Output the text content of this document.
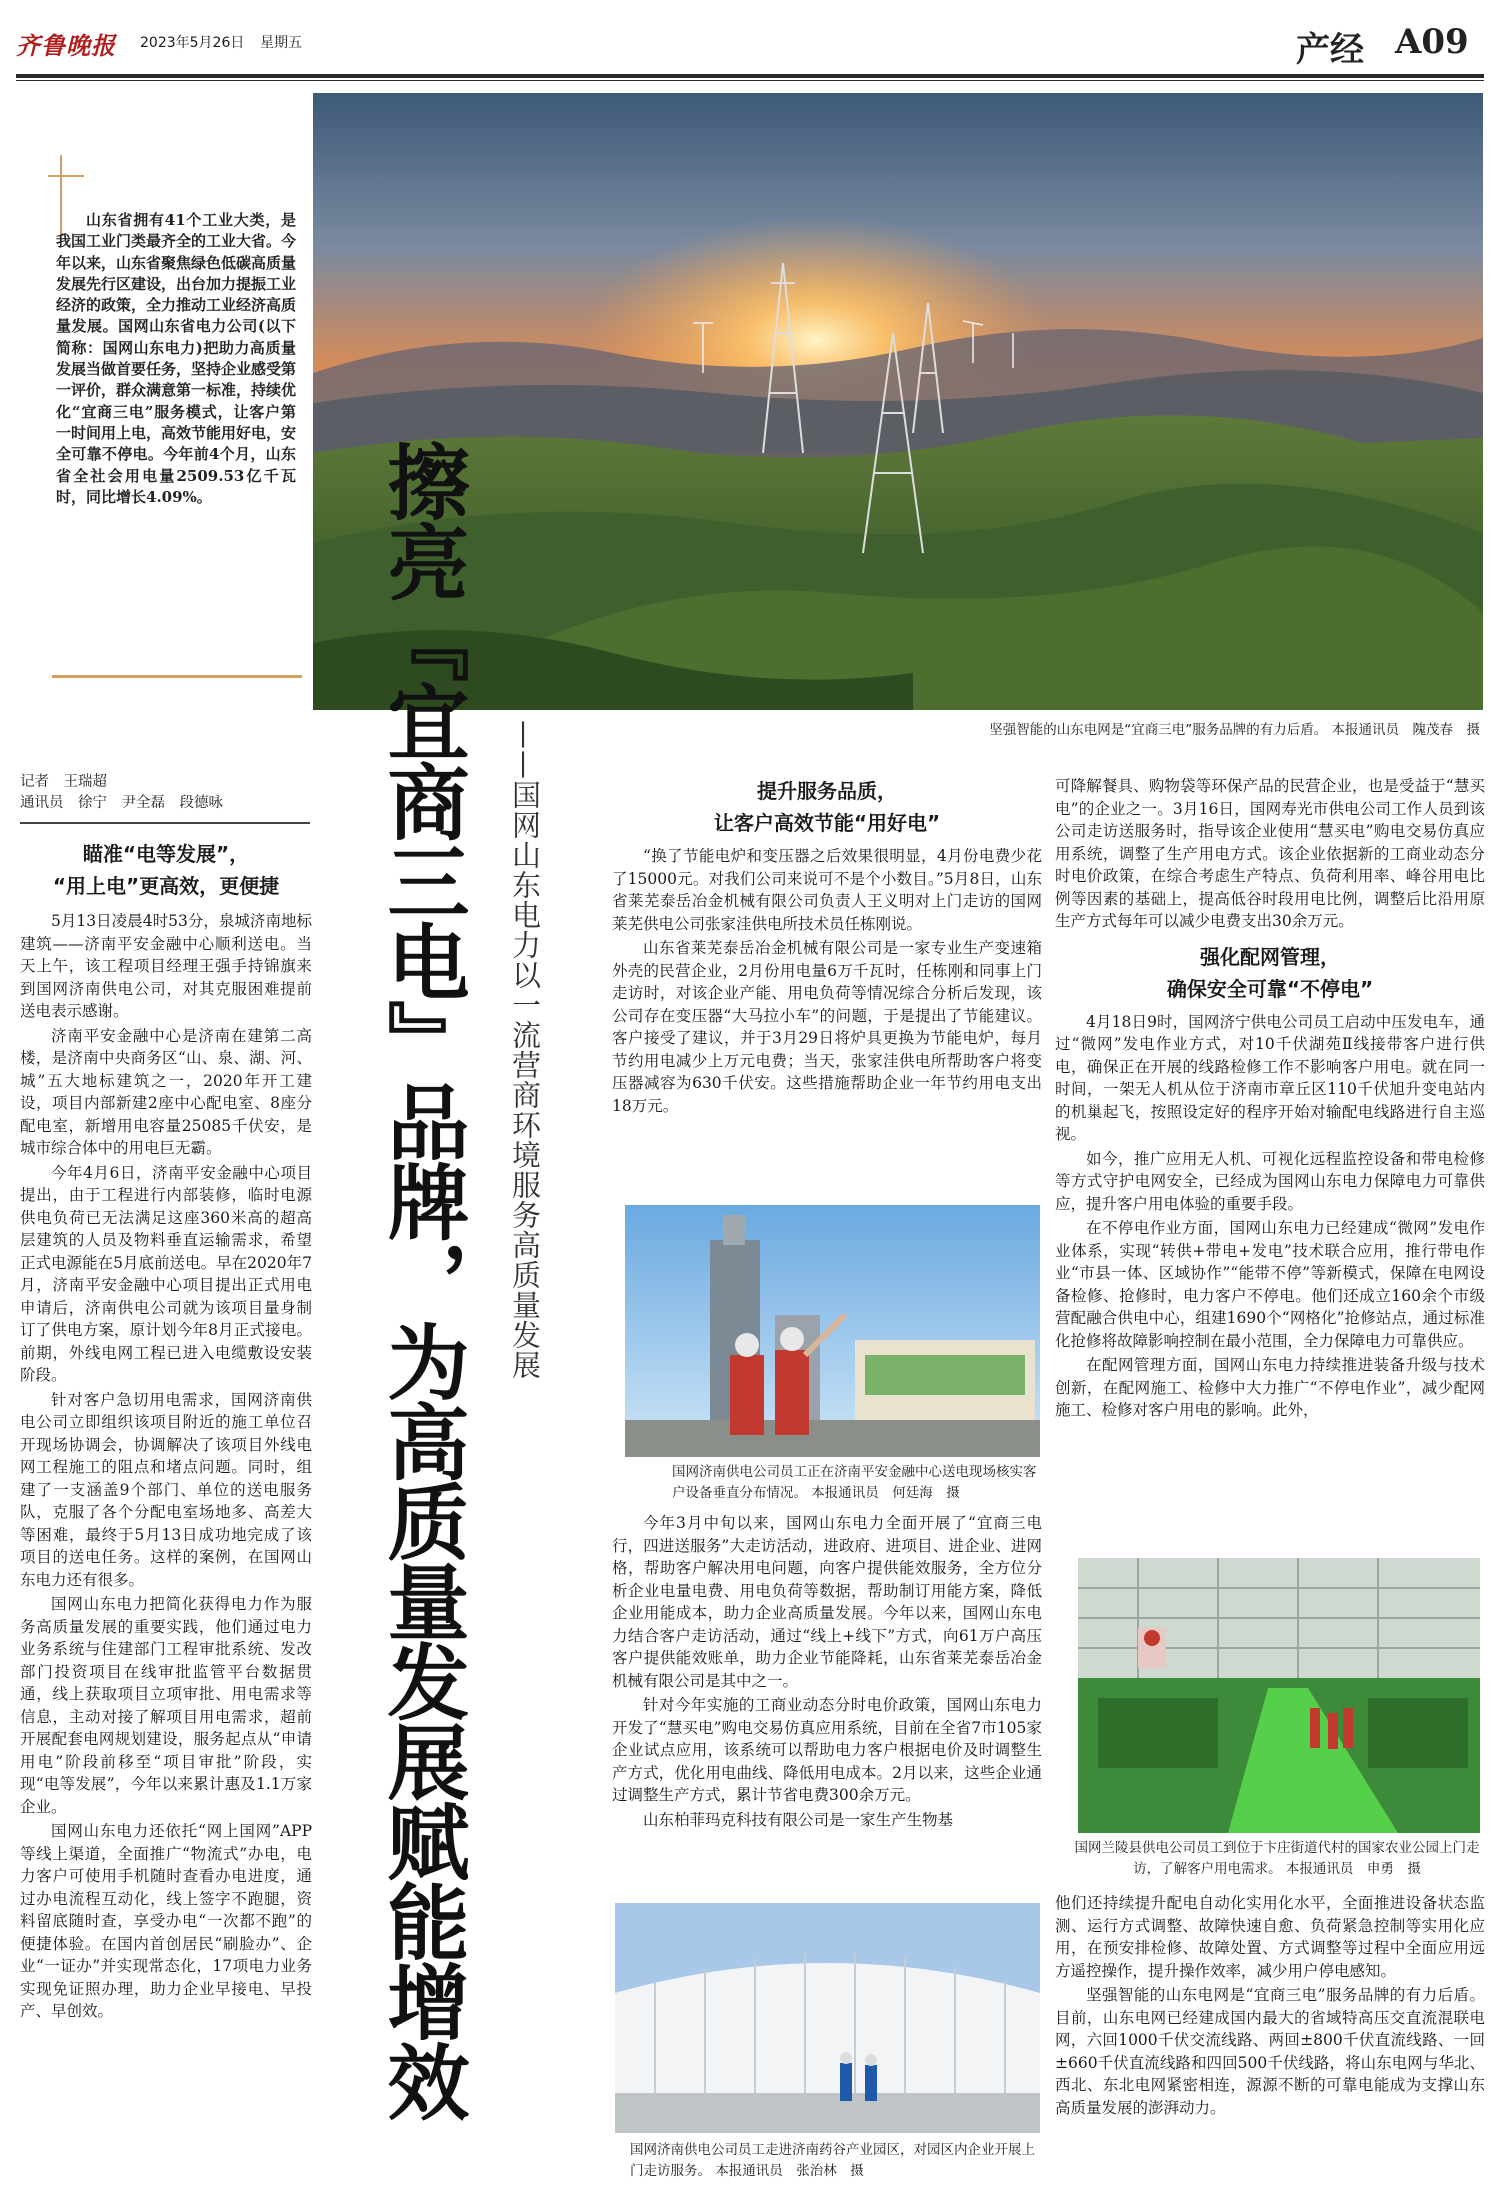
齐鲁晚报 2023年5月26日 星期五	产经 A09
山东省拥有41个工业大类，是我国工业门类最齐全的工业大省。今年以来，山东省聚焦绿色低碳高质量发展先行区建设，出台加力提振工业经济的政策，全力推动工业经济高质量发展。国网山东省电力公司(以下简称：国网山东电力)把助力高质量发展当做首要任务，坚持企业感受第一评价，群众满意第一标准，持续优化“宜商三电”服务模式，让客户第一时间用上电，高效节能用好电，安全可靠不停电。今年前4个月，山东省全社会用电量2509.53亿千瓦时，同比增长4.09%。
坚强智能的山东电网是“宜商三电”服务品牌的有力后盾。 本报通讯员　隗茂春　摄
记者　王瑞超
通讯员　徐宁　尹全磊　段德咏
瞄准“电等发展”，
“用上电”更高效，更便捷

5月13日凌晨4时53分，泉城济南地标建筑——济南平安金融中心顺利送电。当天上午，该工程项目经理王强手持锦旗来到国网济南供电公司，对其克服困难提前送电表示感谢。

济南平安金融中心是济南在建第二高楼，是济南中央商务区“山、泉、湖、河、城”五大地标建筑之一，2020年开工建设，项目内部新建2座中心配电室、8座分配电室，新增用电容量25085千伏安，是城市综合体中的用电巨无霸。

今年4月6日，济南平安金融中心项目提出，由于工程进行内部装修，临时电源供电负荷已无法满足这座360米高的超高层建筑的人员及物料垂直运输需求，希望正式电源能在5月底前送电。早在2020年7月，济南平安金融中心项目提出正式用电申请后，济南供电公司就为该项目量身制订了供电方案，原计划今年8月正式接电。前期，外线电网工程已进入电缆敷设安装阶段。

针对客户急切用电需求，国网济南供电公司立即组织该项目附近的施工单位召开现场协调会，协调解决了该项目外线电网工程施工的阻点和堵点问题。同时，组建了一支涵盖9个部门、单位的送电服务队，克服了各个分配电室场地多、高差大等困难，最终于5月13日成功地完成了该项目的送电任务。这样的案例，在国网山东电力还有很多。

国网山东电力把简化获得电力作为服务高质量发展的重要实践，他们通过电力业务系统与住建部门工程审批系统、发改部门投资项目在线审批监管平台数据贯通，线上获取项目立项审批、用电需求等信息，主动对接了解项目用电需求，超前开展配套电网规划建设，服务起点从“申请用电”阶段前移至“项目审批”阶段，实现“电等发展”，今年以来累计惠及1.1万家企业。

国网山东电力还依托“网上国网”APP等线上渠道，全面推广“物流式”办电，电力客户可使用手机随时查看办电进度，通过办电流程互动化，线上签字不跑腿，资料留底随时查，享受办电“一次都不跑”的便捷体验。在国内首创居民“刷脸办”、企业“一证办”并实现常态化，17项电力业务实现免证照办理，助力企业早接电、早投产、早创效。	擦亮『宜商三电』品牌，为高质量发展赋能增效 ——国网山东电力以一流营商环境服务高质量发展	提升服务品质，
让客户高效节能“用好电”

“换了节能电炉和变压器之后效果很明显，4月份电费少花了15000元。对我们公司来说可不是个小数目。”5月8日，山东省莱芜泰岳冶金机械有限公司负责人王义明对上门走访的国网莱芜供电公司张家洼供电所技术员任栋刚说。

山东省莱芜泰岳冶金机械有限公司是一家专业生产变速箱外壳的民营企业，2月份用电量6万千瓦时，任栋刚和同事上门走访时，对该企业产能、用电负荷等情况综合分析后发现，该公司存在变压器“大马拉小车”的问题，于是提出了节能建议。客户接受了建议，并于3月29日将炉具更换为节能电炉，每月节约用电减少上万元电费；当天，张家洼供电所帮助客户将变压器减容为630千伏安。这些措施帮助企业一年节约用电支出18万元。

国网济南供电公司员工正在济南平安金融中心送电现场核实客户设备垂直分布情况。 本报通讯员　何廷海　摄

今年3月中旬以来，国网山东电力全面开展了“宜商三电行，四进送服务”大走访活动，进政府、进项目、进企业、进网格，帮助客户解决用电问题，向客户提供能效服务，全方位分析企业电量电费、用电负荷等数据，帮助制订用能方案，降低企业用能成本，助力企业高质量发展。今年以来，国网山东电力结合客户走访活动，通过“线上+线下”方式，向61万户高压客户提供能效账单，助力企业节能降耗，山东省莱芜泰岳冶金机械有限公司是其中之一。

针对今年实施的工商业动态分时电价政策，国网山东电力开发了“慧买电”购电交易仿真应用系统，目前在全省7市105家企业试点应用，该系统可以帮助电力客户根据电价及时调整生产方式，优化用电曲线、降低用电成本。2月以来，这些企业通过调整生产方式，累计节省电费300余万元。

山东柏菲玛克科技有限公司是一家生产生物基

国网济南供电公司员工走进济南药谷产业园区，对园区内企业开展上门走访服务。 本报通讯员　张治林　摄

可降解餐具、购物袋等环保产品的民营企业，也是受益于“慧买电”的企业之一。3月16日，国网寿光市供电公司工作人员到该公司走访送服务时，指导该企业使用“慧买电”购电交易仿真应用系统，调整了生产用电方式。该企业依据新的工商业动态分时电价政策，在综合考虑生产特点、负荷利用率、峰谷用电比例等因素的基础上，提高低谷时段用电比例，调整后比沿用原生产方式每年可以减少电费支出30余万元。

强化配网管理，
确保安全可靠“不停电”

4月18日9时，国网济宁供电公司员工启动中压发电车，通过“微网”发电作业方式，对10千伏湖苑Ⅱ线接带客户进行供电，确保正在开展的线路检修工作不影响客户用电。就在同一时间，一架无人机从位于济南市章丘区110千伏旭升变电站内的机巢起飞，按照设定好的程序开始对输配电线路进行自主巡视。

如今，推广应用无人机、可视化远程监控设备和带电检修等方式守护电网安全，已经成为国网山东电力保障电力可靠供应，提升客户用电体验的重要手段。

在不停电作业方面，国网山东电力已经建成“微网”发电作业体系，实现“转供+带电+发电”技术联合应用，推行带电作业“市县一体、区域协作”“能带不停”等新模式，保障在电网设备检修、抢修时，电力客户不停电。他们还成立160余个市级营配融合供电中心，组建1690个“网格化”抢修站点，通过标准化抢修将故障影响控制在最小范围，全力保障电力可靠供应。

在配网管理方面，国网山东电力持续推进装备升级与技术创新，在配网施工、检修中大力推广“不停电作业”，减少配网施工、检修对客户用电的影响。此外，

国网兰陵县供电公司员工到位于卞庄街道代村的国家农业公园上门走访，了解客户用电需求。 本报通讯员　申勇　摄

他们还持续提升配电自动化实用化水平，全面推进设备状态监测、运行方式调整、故障快速自愈、负荷紧急控制等实用化应用，在预安排检修、故障处置、方式调整等过程中全面应用远方遥控操作，提升操作效率，减少用户停电感知。

坚强智能的山东电网是“宜商三电”服务品牌的有力后盾。目前，山东电网已经建成国内最大的省域特高压交直流混联电网，六回1000千伏交流线路、两回±800千伏直流线路、一回±660千伏直流线路和四回500千伏线路，将山东电网与华北、西北、东北电网紧密相连，源源不断的可靠电能成为支撑山东高质量发展的澎湃动力。
